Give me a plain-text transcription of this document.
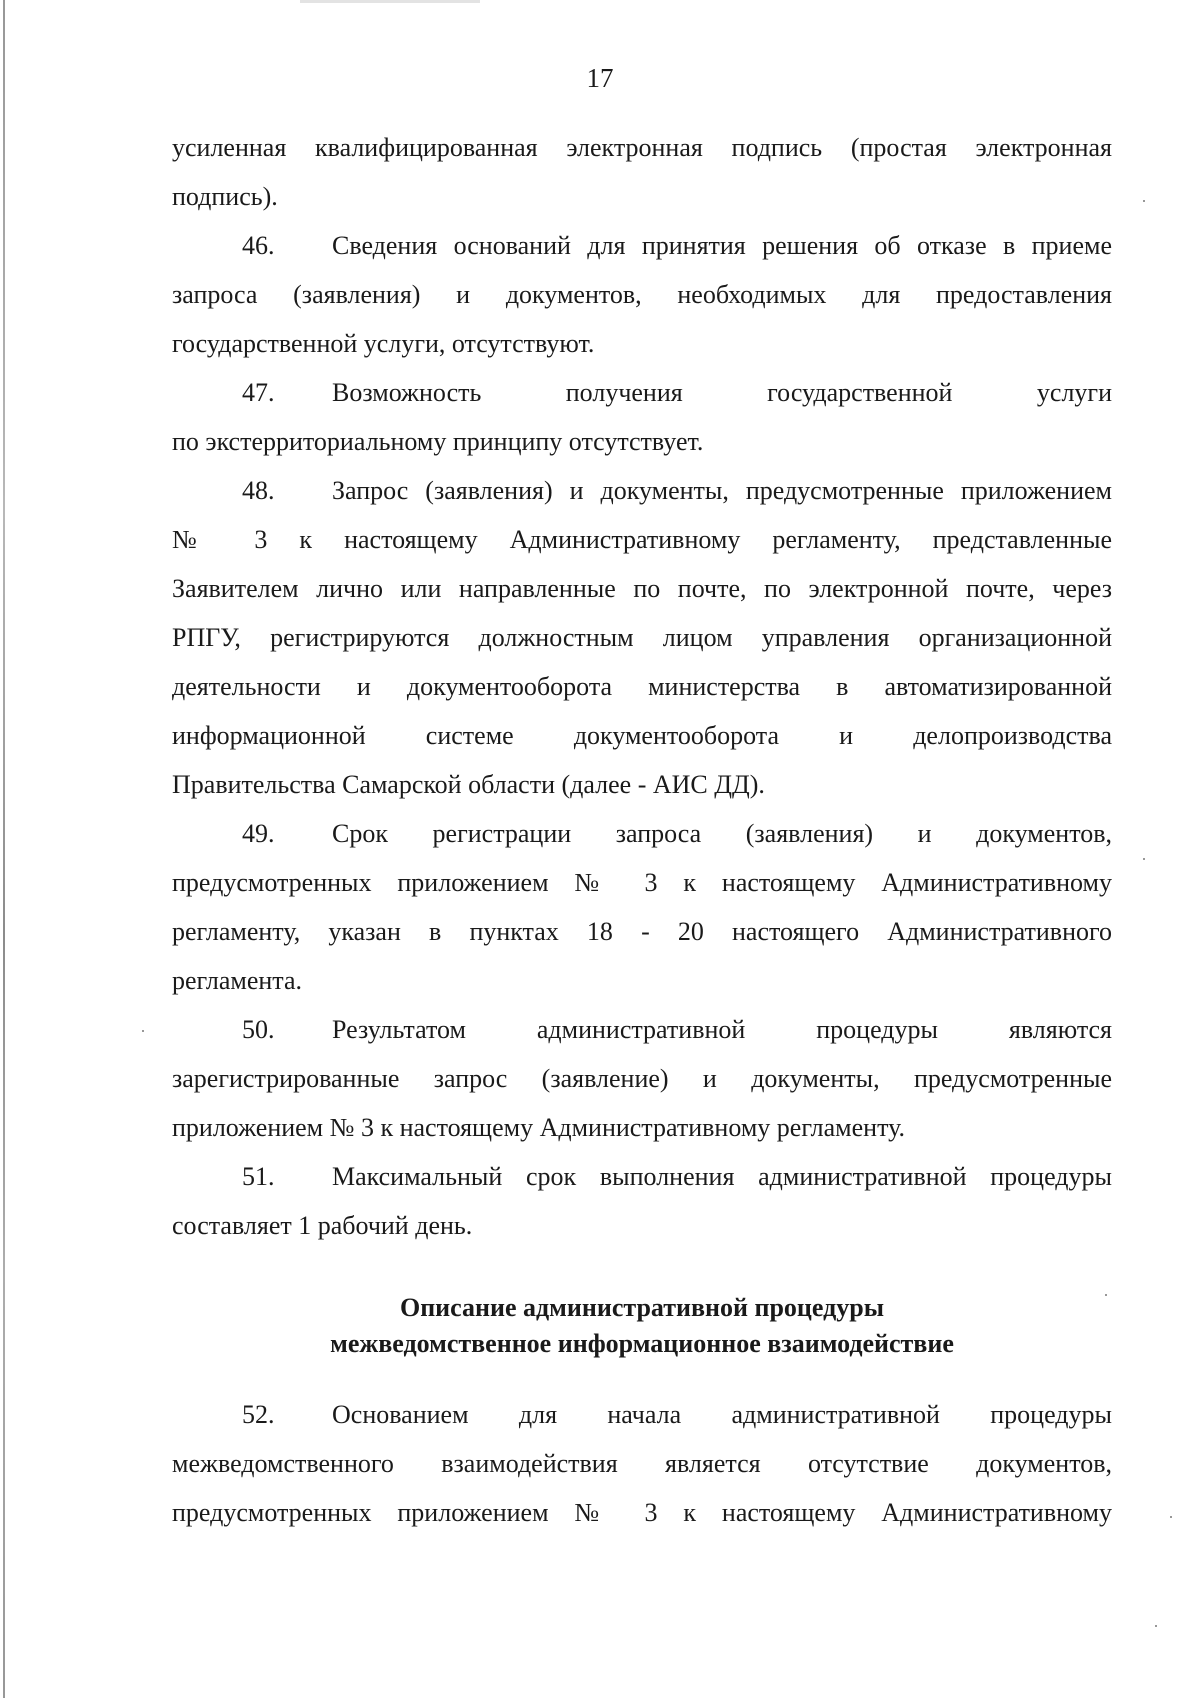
17
усиленная квалифицированная электронная подпись (простая электронная
подпись).
46.
	Сведения оснований для принятия решения об отказе в приеме
запроса (заявления) и документов, необходимых для предоставления
государственной услуги, отсутствуют.
47.
	Возможность получения государственной услуги
по экстерриториальному принципу отсутствует.
48.
	Запрос (заявления) и документы, предусмотренные приложением
№ 3 к настоящему Административному регламенту, представленные
Заявителем лично или направленные по почте, по электронной почте, через
РПГУ, регистрируются должностным лицом управления организационной
деятельности и документооборота министерства в автоматизированной
информационной системе документооборота и делопроизводства
Правительства Самарской области (далее - АИС ДД).
49.
	Срок регистрации запроса (заявления) и документов,
предусмотренных приложением № 3 к настоящему Административному
регламенту, указан в пунктах 18 - 20 настоящего Административного
регламента.
50.
	Результатом административной процедуры являются
зарегистрированные запрос (заявление) и документы, предусмотренные
приложением № 3 к настоящему Административному регламенту.
51.
	Максимальный срок выполнения административной процедуры
составляет 1 рабочий день.
Описание административной процедуры
межведомственное информационное взаимодействие
52.
	Основанием для начала административной процедуры
межведомственного взаимодействия является отсутствие документов,
предусмотренных приложением № 3 к настоящему Административному
